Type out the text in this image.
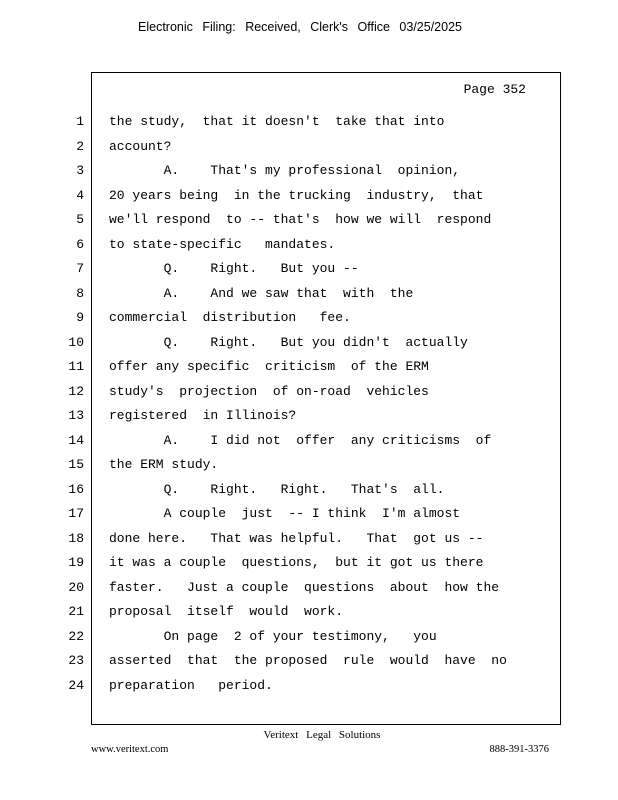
Electronic Filing: Received, Clerk's Office 03/25/2025
Page 352
1
2
3
4
5
6
7
8
9
10
11
12
13
14
15
16
17
18
19
20
21
22
23
24
the study,  that it doesn't  take that into
account?
A.    That's my professional  opinion,
20 years being  in the trucking  industry,  that
we'll respond  to -- that's  how we will  respond
to state-specific   mandates.
Q.    Right.   But you --
A.    And we saw that  with  the
commercial  distribution   fee.
Q.    Right.   But you didn't  actually
offer any specific  criticism  of the ERM
study's  projection  of on-road  vehicles
registered  in Illinois?
A.    I did not  offer  any criticisms  of
the ERM study.
Q.    Right.   Right.   That's  all.
A couple  just  -- I think  I'm almost
done here.   That was helpful.   That  got us --
it was a couple  questions,  but it got us there
faster.   Just a couple  questions  about  how the
proposal  itself  would  work.
On page  2 of your testimony,   you
asserted  that  the proposed  rule  would  have  no
preparation   period.
Veritext Legal Solutions
www.veritext.com	888-391-3376
